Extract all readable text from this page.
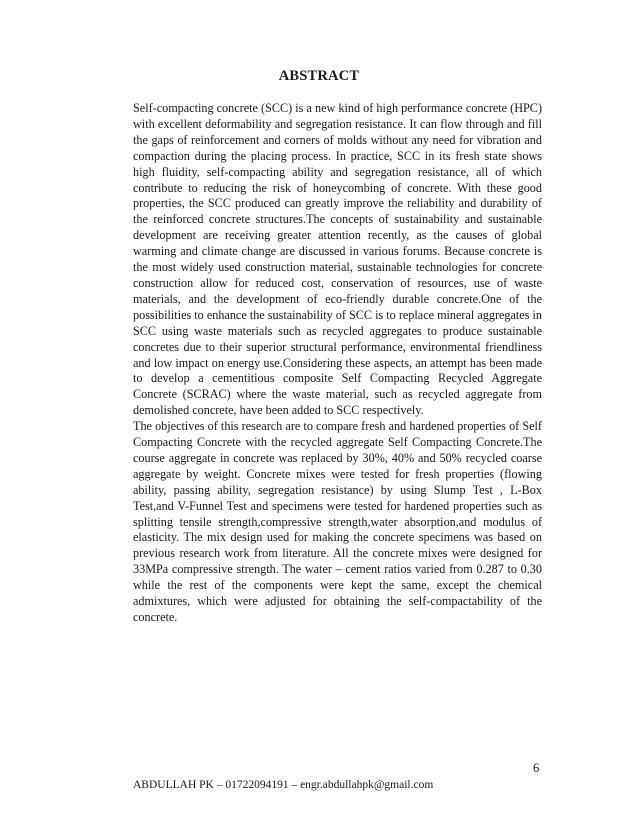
ABSTRACT

Self-compacting concrete (SCC) is a new kind of high performance concrete (HPC) with excellent deformability and segregation resistance. It can flow through and fill the gaps of reinforcement and corners of molds without any need for vibration and compaction during the placing process. In practice, SCC in its fresh state shows high fluidity, self-compacting ability and segregation resistance, all of which contribute to reducing the risk of honeycombing of concrete. With these good properties, the SCC produced can greatly improve the reliability and durability of the reinforced concrete structures.The concepts of sustainability and sustainable development are receiving greater attention recently, as the causes of global warming and climate change are discussed in various forums. Because concrete is the most widely used construction material, sustainable technologies for concrete construction allow for reduced cost, conservation of resources, use of waste materials, and the development of eco-friendly durable concrete.One of the possibilities to enhance the sustainability of SCC is to replace mineral aggregates in SCC using waste materials such as recycled aggregates to produce sustainable concretes due to their superior structural performance, environmental friendliness and low impact on energy use.Considering these aspects, an attempt has been made to develop a cementitious composite Self Compacting Recycled Aggregate Concrete (SCRAC) where the waste material, such as recycled aggregate from demolished concrete, have been added to SCC respectively.

The objectives of this research are to compare fresh and hardened properties of Self Compacting Concrete with the recycled aggregate Self Compacting Concrete.The course aggregate in concrete was replaced by 30%, 40% and 50% recycled coarse aggregate by weight. Concrete mixes were tested for fresh properties (flowing ability, passing ability, segregation resistance) by using Slump Test , L-Box Test,and V-Funnel Test and specimens were tested for hardened properties such as splitting tensile strength,compressive strength,water absorption,and modulus of elasticity. The mix design used for making the concrete specimens was based on previous research work from literature. All the concrete mixes were designed for 33MPa compressive strength. The water – cement ratios varied from 0.287 to 0.30 while the rest of the components were kept the same, except the chemical admixtures, which were adjusted for obtaining the self-compactability of the concrete.

6
ABDULLAH PK – 01722094191 – engr.abdullahpk@gmail.com
